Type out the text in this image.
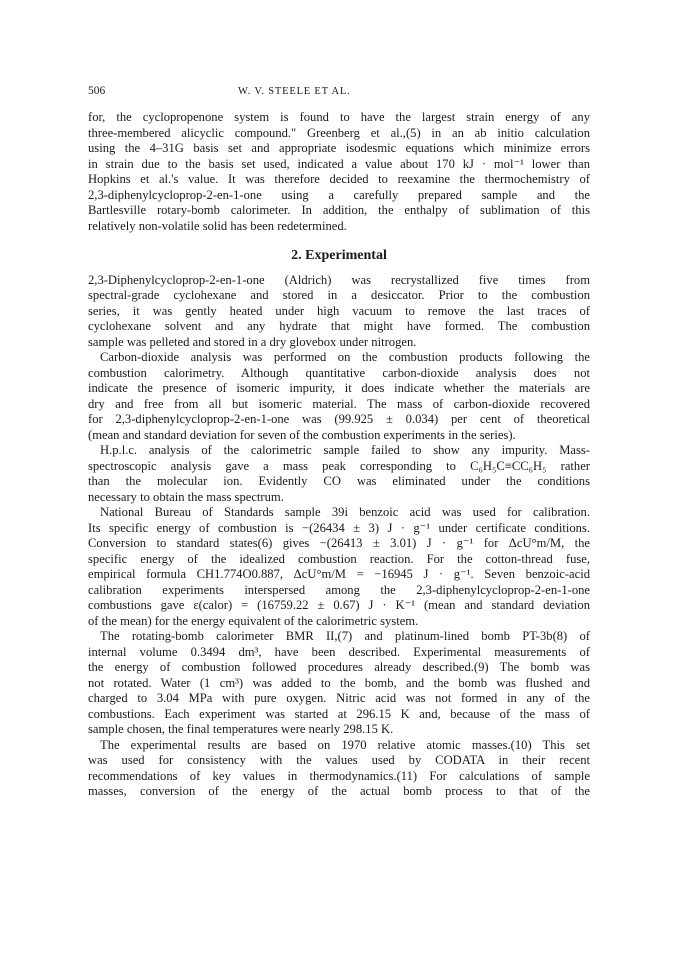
506	W. V. STEELE ET AL.
for, the cyclopropenone system is found to have the largest strain energy of any
three-membered alicyclic compound." Greenberg et al.,(5) in an ab initio calculation
using the 4–31G basis set and appropriate isodesmic equations which minimize errors
in strain due to the basis set used, indicated a value about 170 kJ · mol⁻¹ lower than
Hopkins et al.'s value. It was therefore decided to reexamine the thermochemistry of
2,3-diphenylcycloprop-2-en-1-one using a carefully prepared sample and the
Bartlesville rotary-bomb calorimeter. In addition, the enthalpy of sublimation of this
relatively non-volatile solid has been redetermined.
2. Experimental
2,3-Diphenylcycloprop-2-en-1-one (Aldrich) was recrystallized five times from
spectral-grade cyclohexane and stored in a desiccator. Prior to the combustion
series, it was gently heated under high vacuum to remove the last traces of
cyclohexane solvent and any hydrate that might have formed. The combustion
sample was pelleted and stored in a dry glovebox under nitrogen.
Carbon-dioxide analysis was performed on the combustion products following the
combustion calorimetry. Although quantitative carbon-dioxide analysis does not
indicate the presence of isomeric impurity, it does indicate whether the materials are
dry and free from all but isomeric material. The mass of carbon-dioxide recovered
for 2,3-diphenylcycloprop-2-en-1-one was (99.925 ± 0.034) per cent of theoretical
(mean and standard deviation for seven of the combustion experiments in the series).
H.p.l.c. analysis of the calorimetric sample failed to show any impurity. Mass-
spectroscopic analysis gave a mass peak corresponding to C₆H₅C≡CC₆H₅ rather
than the molecular ion. Evidently CO was eliminated under the conditions
necessary to obtain the mass spectrum.
National Bureau of Standards sample 39i benzoic acid was used for calibration.
Its specific energy of combustion is −(26434 ± 3) J · g⁻¹ under certificate conditions.
Conversion to standard states(6) gives −(26413 ± 3.01) J · g⁻¹ for ΔcU°m/M, the
specific energy of the idealized combustion reaction. For the cotton-thread fuse,
empirical formula CH1.774O0.887, ΔcU°m/M = −16945 J · g⁻¹. Seven benzoic-acid
calibration experiments interspersed among the 2,3-diphenylcycloprop-2-en-1-one
combustions gave ε(calor) = (16759.22 ± 0.67) J · K⁻¹ (mean and standard deviation
of the mean) for the energy equivalent of the calorimetric system.
The rotating-bomb calorimeter BMR II,(7) and platinum-lined bomb PT-3b(8) of
internal volume 0.3494 dm³, have been described. Experimental measurements of
the energy of combustion followed procedures already described.(9) The bomb was
not rotated. Water (1 cm³) was added to the bomb, and the bomb was flushed and
charged to 3.04 MPa with pure oxygen. Nitric acid was not formed in any of the
combustions. Each experiment was started at 296.15 K and, because of the mass of
sample chosen, the final temperatures were nearly 298.15 K.
The experimental results are based on 1970 relative atomic masses.(10) This set
was used for consistency with the values used by CODATA in their recent
recommendations of key values in thermodynamics.(11) For calculations of sample
masses, conversion of the energy of the actual bomb process to that of the
